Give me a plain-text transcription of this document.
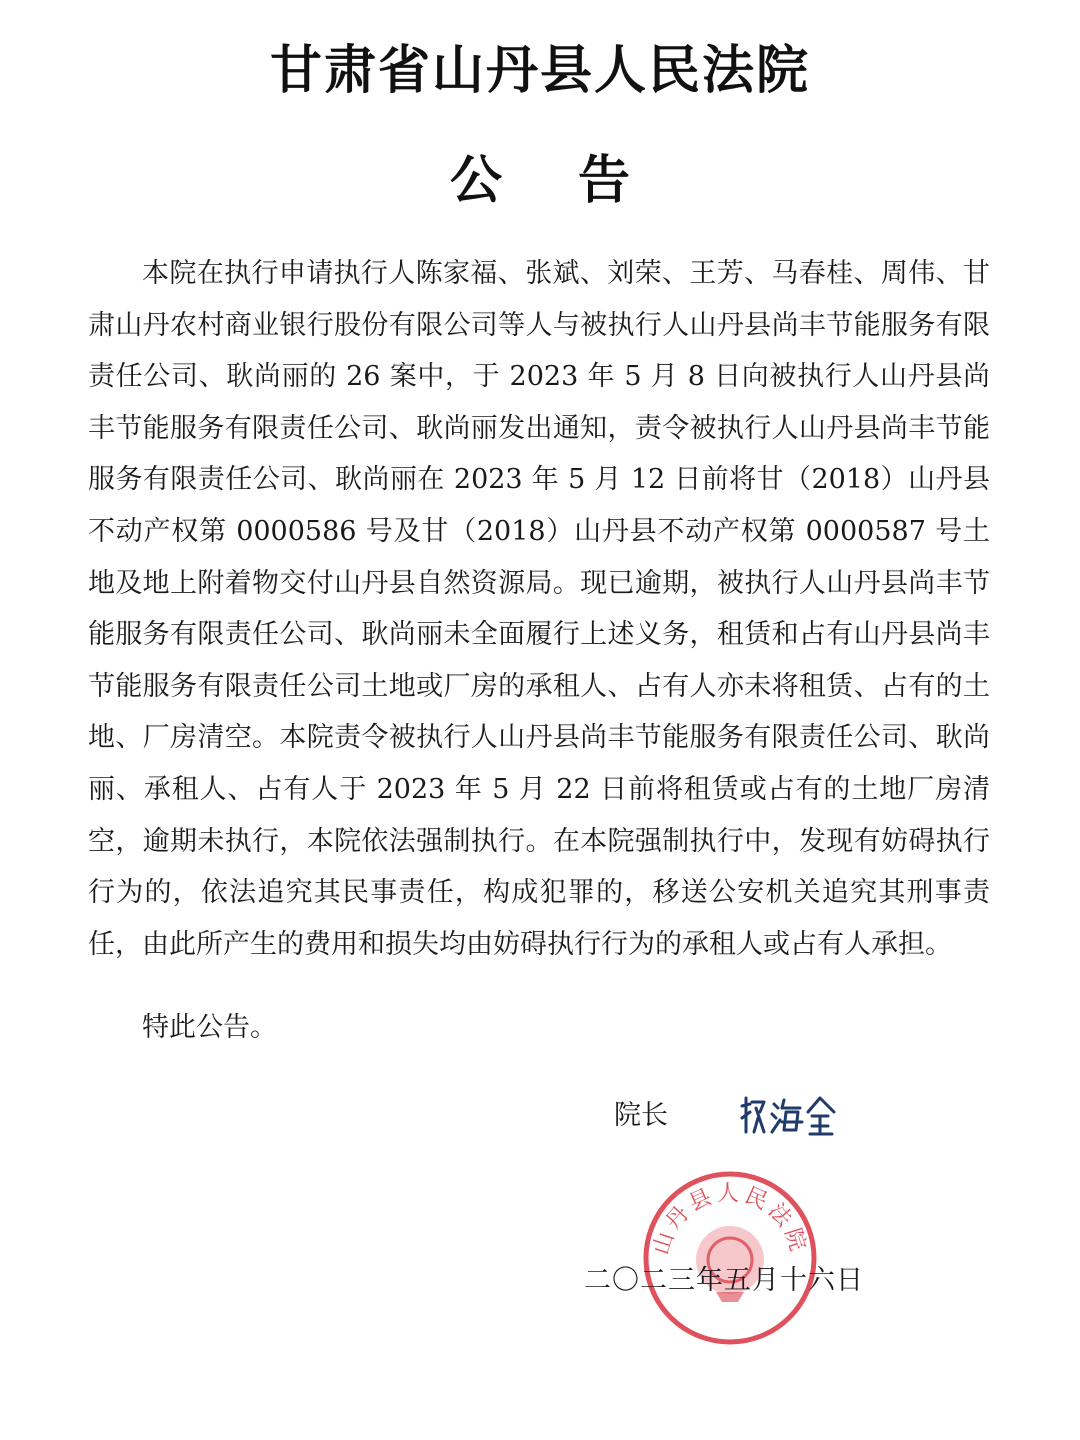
甘肃省山丹县人民法院
公 告

本院在执行申请执行人陈家福、张斌、刘荣、王芳、马春桂、周伟、甘肃山丹农村商业银行股份有限公司等人与被执行人山丹县尚丰节能服务有限责任公司、耿尚丽的 26 案中，于 2023 年 5 月 8 日向被执行人山丹县尚丰节能服务有限责任公司、耿尚丽发出通知，责令被执行人山丹县尚丰节能服务有限责任公司、耿尚丽在 2023 年 5 月 12 日前将甘（2018）山丹县不动产权第 0000586 号及甘（2018）山丹县不动产权第 0000587 号土地及地上附着物交付山丹县自然资源局。现已逾期，被执行人山丹县尚丰节能服务有限责任公司、耿尚丽未全面履行上述义务，租赁和占有山丹县尚丰节能服务有限责任公司土地或厂房的承租人、占有人亦未将租赁、占有的土地、厂房清空。本院责令被执行人山丹县尚丰节能服务有限责任公司、耿尚丽、承租人、占有人于 2023 年 5 月 22 日前将租赁或占有的土地厂房清空，逾期未执行，本院依法强制执行。在本院强制执行中，发现有妨碍执行行为的，依法追究其民事责任，构成犯罪的，移送公安机关追究其刑事责任，由此所产生的费用和损失均由妨碍执行行为的承租人或占有人承担。

特此公告。
院长
山丹县人民法院
二〇二三年五月十六日
